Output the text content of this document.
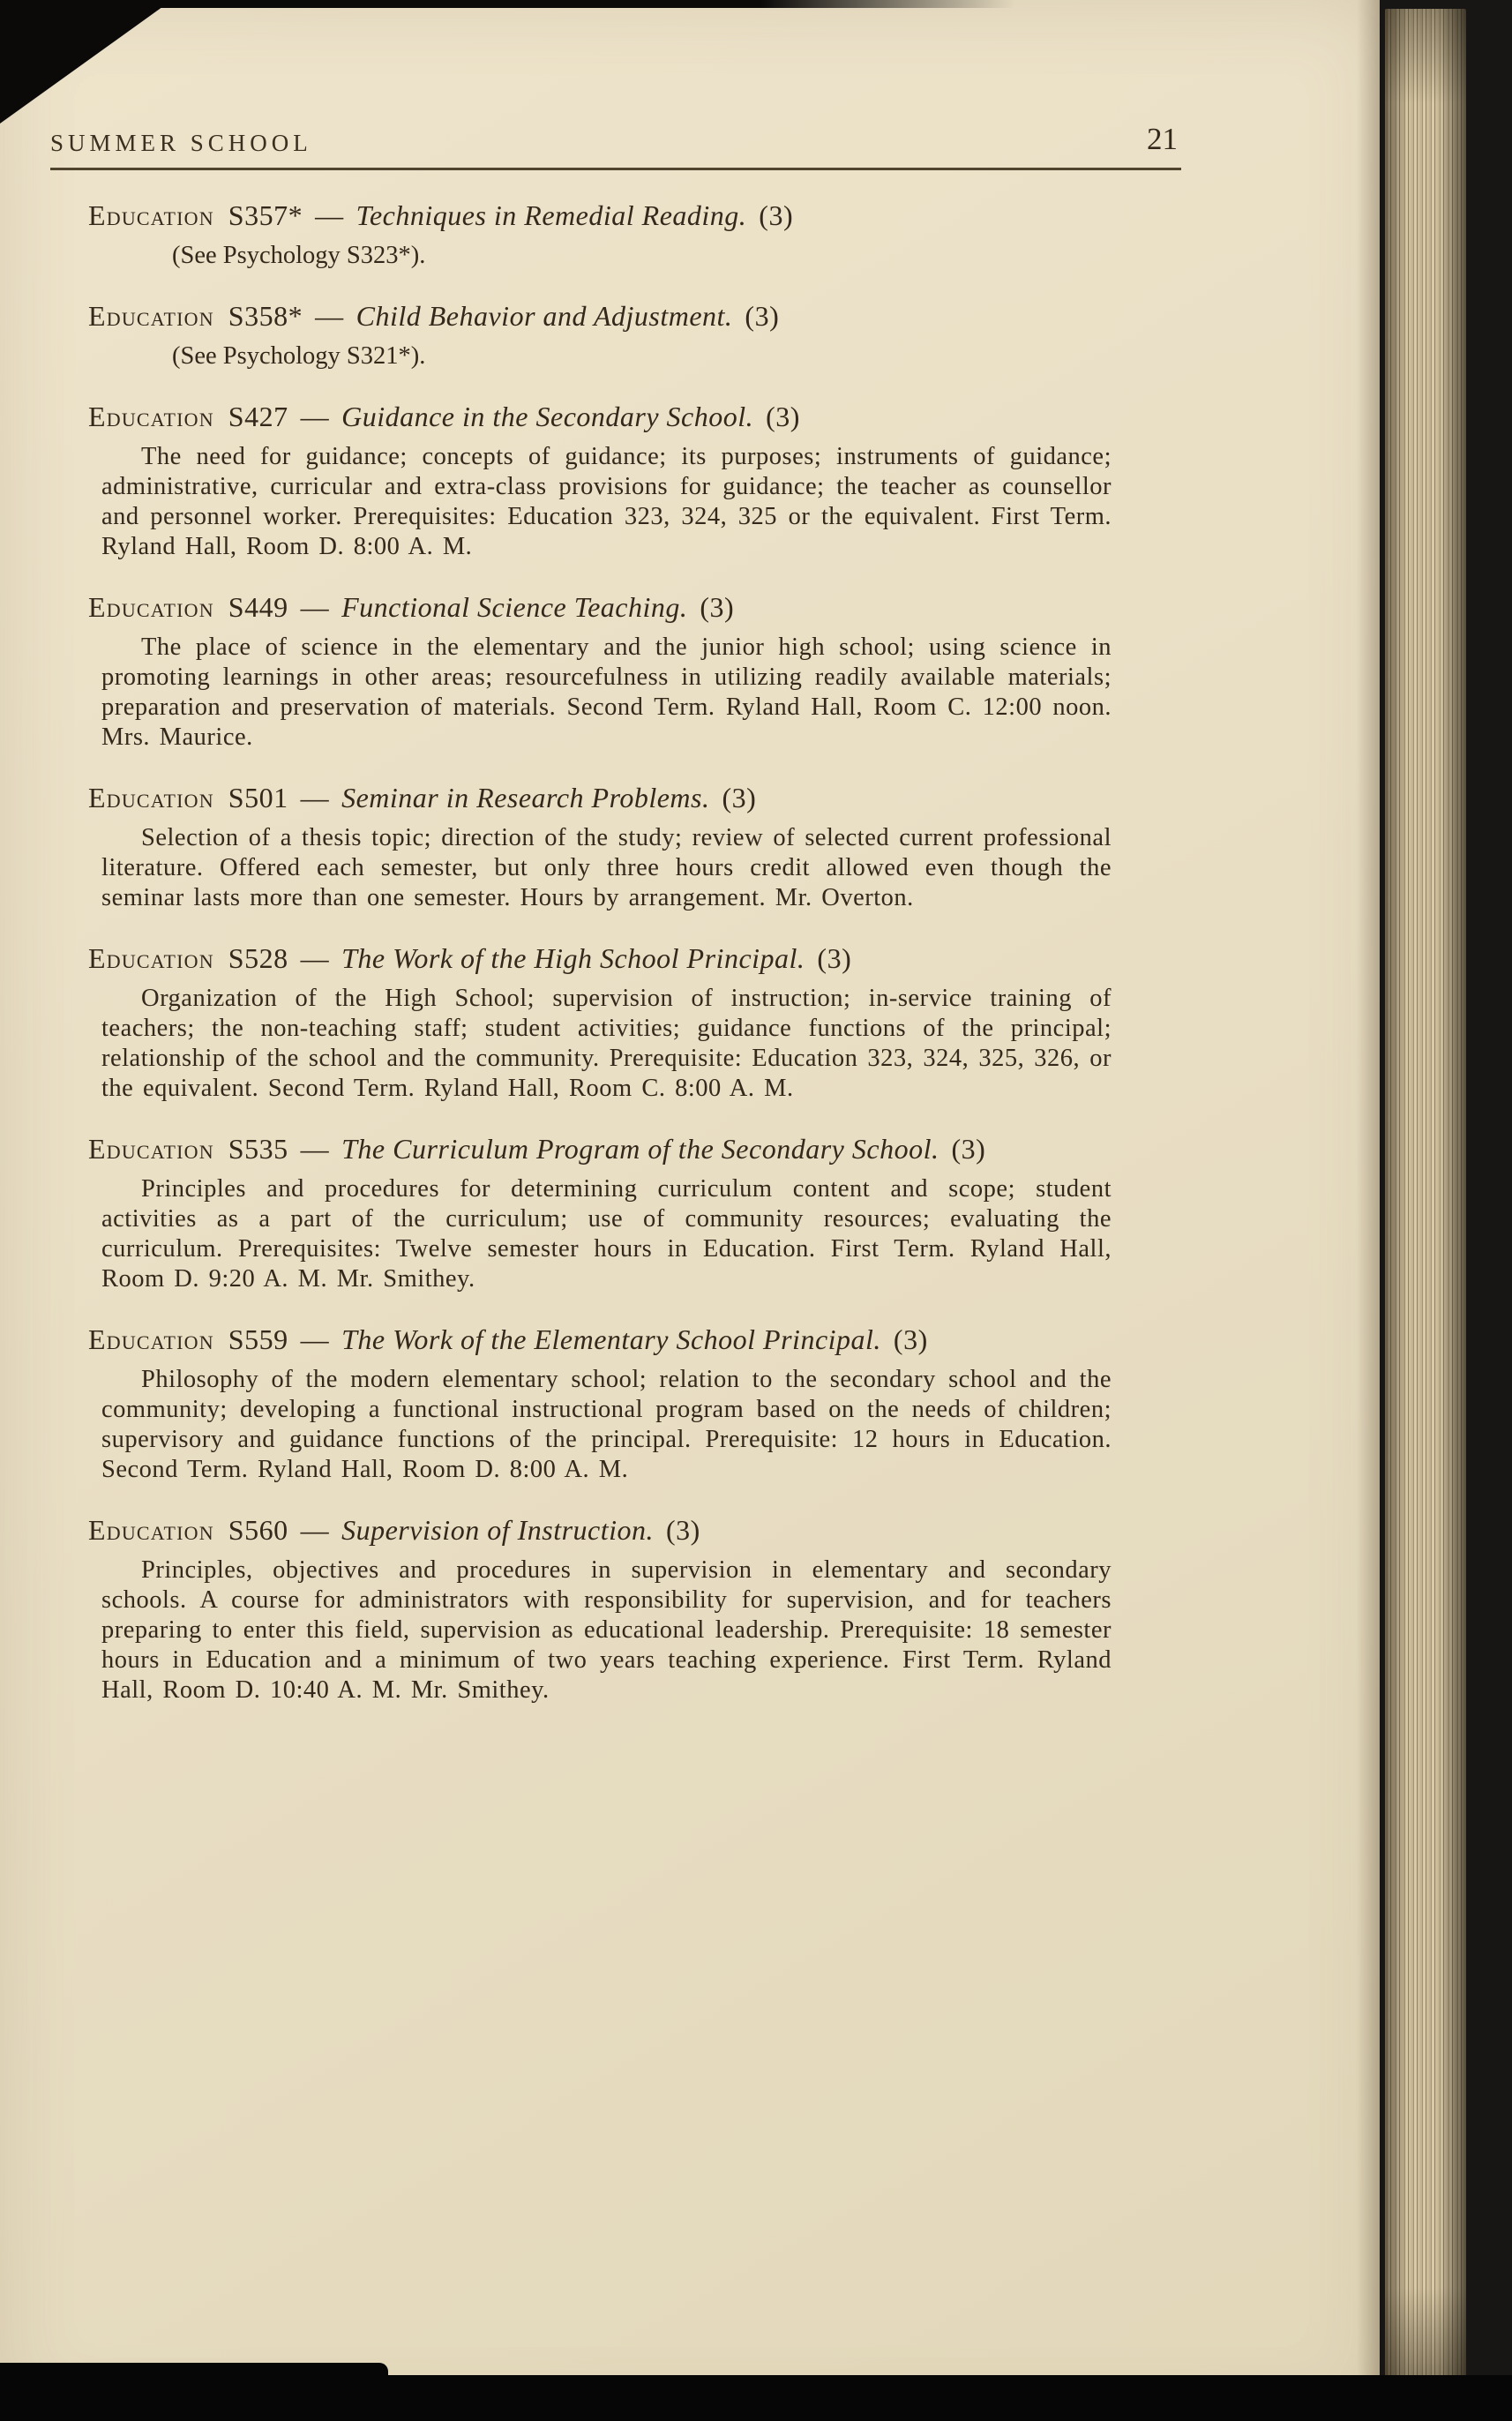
SUMMER SCHOOL	21
Education S357* — Techniques in Remedial Reading. (3)

(See Psychology S323*).

Education S358* — Child Behavior and Adjustment. (3)

(See Psychology S321*).

Education S427 — Guidance in the Secondary School. (3)

The need for guidance; concepts of guidance; its purposes; instruments of guidance; administrative, curricular and extra-class provisions for guidance; the teacher as counsellor and personnel worker. Prerequisites: Education 323, 324, 325 or the equivalent. First Term. Ryland Hall, Room D. 8:00 A. M.

Education S449 — Functional Science Teaching. (3)

The place of science in the elementary and the junior high school; using science in promoting learnings in other areas; resourcefulness in utilizing readily available materials; preparation and preservation of materials. Second Term. Ryland Hall, Room C. 12:00 noon. Mrs. Maurice.

Education S501 — Seminar in Research Problems. (3)

Selection of a thesis topic; direction of the study; review of selected current professional literature. Offered each semester, but only three hours credit allowed even though the seminar lasts more than one semester. Hours by arrangement. Mr. Overton.

Education S528 — The Work of the High School Principal. (3)

Organization of the High School; supervision of instruction; in-service training of teachers; the non-teaching staff; student activities; guidance functions of the principal; relationship of the school and the community. Prerequisite: Education 323, 324, 325, 326, or the equivalent. Second Term. Ryland Hall, Room C. 8:00 A. M.

Education S535 — The Curriculum Program of the Secondary School. (3)

Principles and procedures for determining curriculum content and scope; student activities as a part of the curriculum; use of community resources; evaluating the curriculum. Prerequisites: Twelve semester hours in Education. First Term. Ryland Hall, Room D. 9:20 A. M. Mr. Smithey.

Education S559 — The Work of the Elementary School Principal. (3)

Philosophy of the modern elementary school; relation to the secondary school and the community; developing a functional instructional program based on the needs of children; supervisory and guidance functions of the principal. Prerequisite: 12 hours in Education. Second Term. Ryland Hall, Room D. 8:00 A. M.

Education S560 — Supervision of Instruction. (3)

Principles, objectives and procedures in supervision in elementary and secondary schools. A course for administrators with responsibility for supervision, and for teachers preparing to enter this field, supervision as educational leadership. Prerequisite: 18 semester hours in Education and a minimum of two years teaching experience. First Term. Ryland Hall, Room D. 10:40 A. M. Mr. Smithey.
